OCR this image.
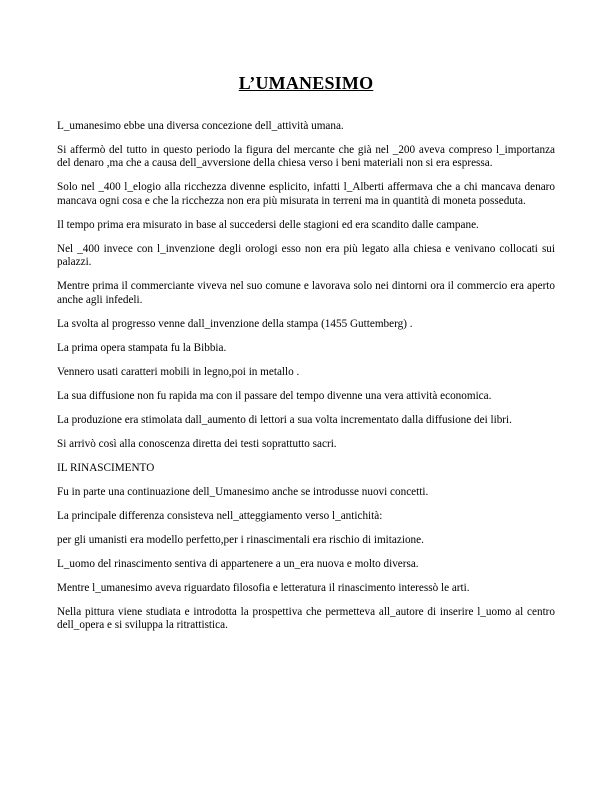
L’UMANESIMO

L_umanesimo ebbe una diversa concezione dell_attività umana.

Si affermò del tutto in questo periodo la figura del mercante che già nel _200 aveva compreso l_importanza del denaro ,ma che a causa dell_avversione della chiesa verso i beni materiali non si era espressa.

Solo nel _400 l_elogio alla ricchezza divenne esplicito, infatti l_Alberti affermava che a chi mancava denaro mancava ogni cosa e che la ricchezza non era più misurata in terreni ma in quantità di moneta posseduta.

Il tempo prima era misurato in base al succedersi delle stagioni ed era scandito dalle campane.

Nel _400 invece con l_invenzione degli orologi esso non era più legato alla chiesa e venivano collocati sui palazzi.

Mentre prima il commerciante viveva nel suo comune e lavorava solo nei dintorni ora il commercio era aperto anche agli infedeli.

La svolta al progresso venne dall_invenzione della stampa (1455 Guttemberg) .

La prima opera stampata fu la Bibbia.

Vennero usati caratteri mobili in legno,poi in metallo .

La sua diffusione non fu rapida ma con il passare del tempo divenne una vera attività economica.

La produzione era stimolata dall_aumento di lettori a sua volta incrementato dalla diffusione dei libri.

Si arrivò così alla conoscenza diretta dei testi soprattutto sacri.

IL RINASCIMENTO

Fu in parte una continuazione dell_Umanesimo anche se introdusse nuovi concetti.

La principale differenza consisteva nell_atteggiamento verso l_antichità:

per gli umanisti era modello perfetto,per i rinascimentali era rischio di imitazione.

L_uomo del rinascimento sentiva di appartenere a un_era nuova e molto diversa.

Mentre l_umanesimo aveva riguardato filosofia e letteratura il rinascimento interessò le arti.

Nella pittura viene studiata e introdotta la prospettiva che permetteva all_autore di inserire l_uomo al centro dell_opera e si sviluppa la ritrattistica.
